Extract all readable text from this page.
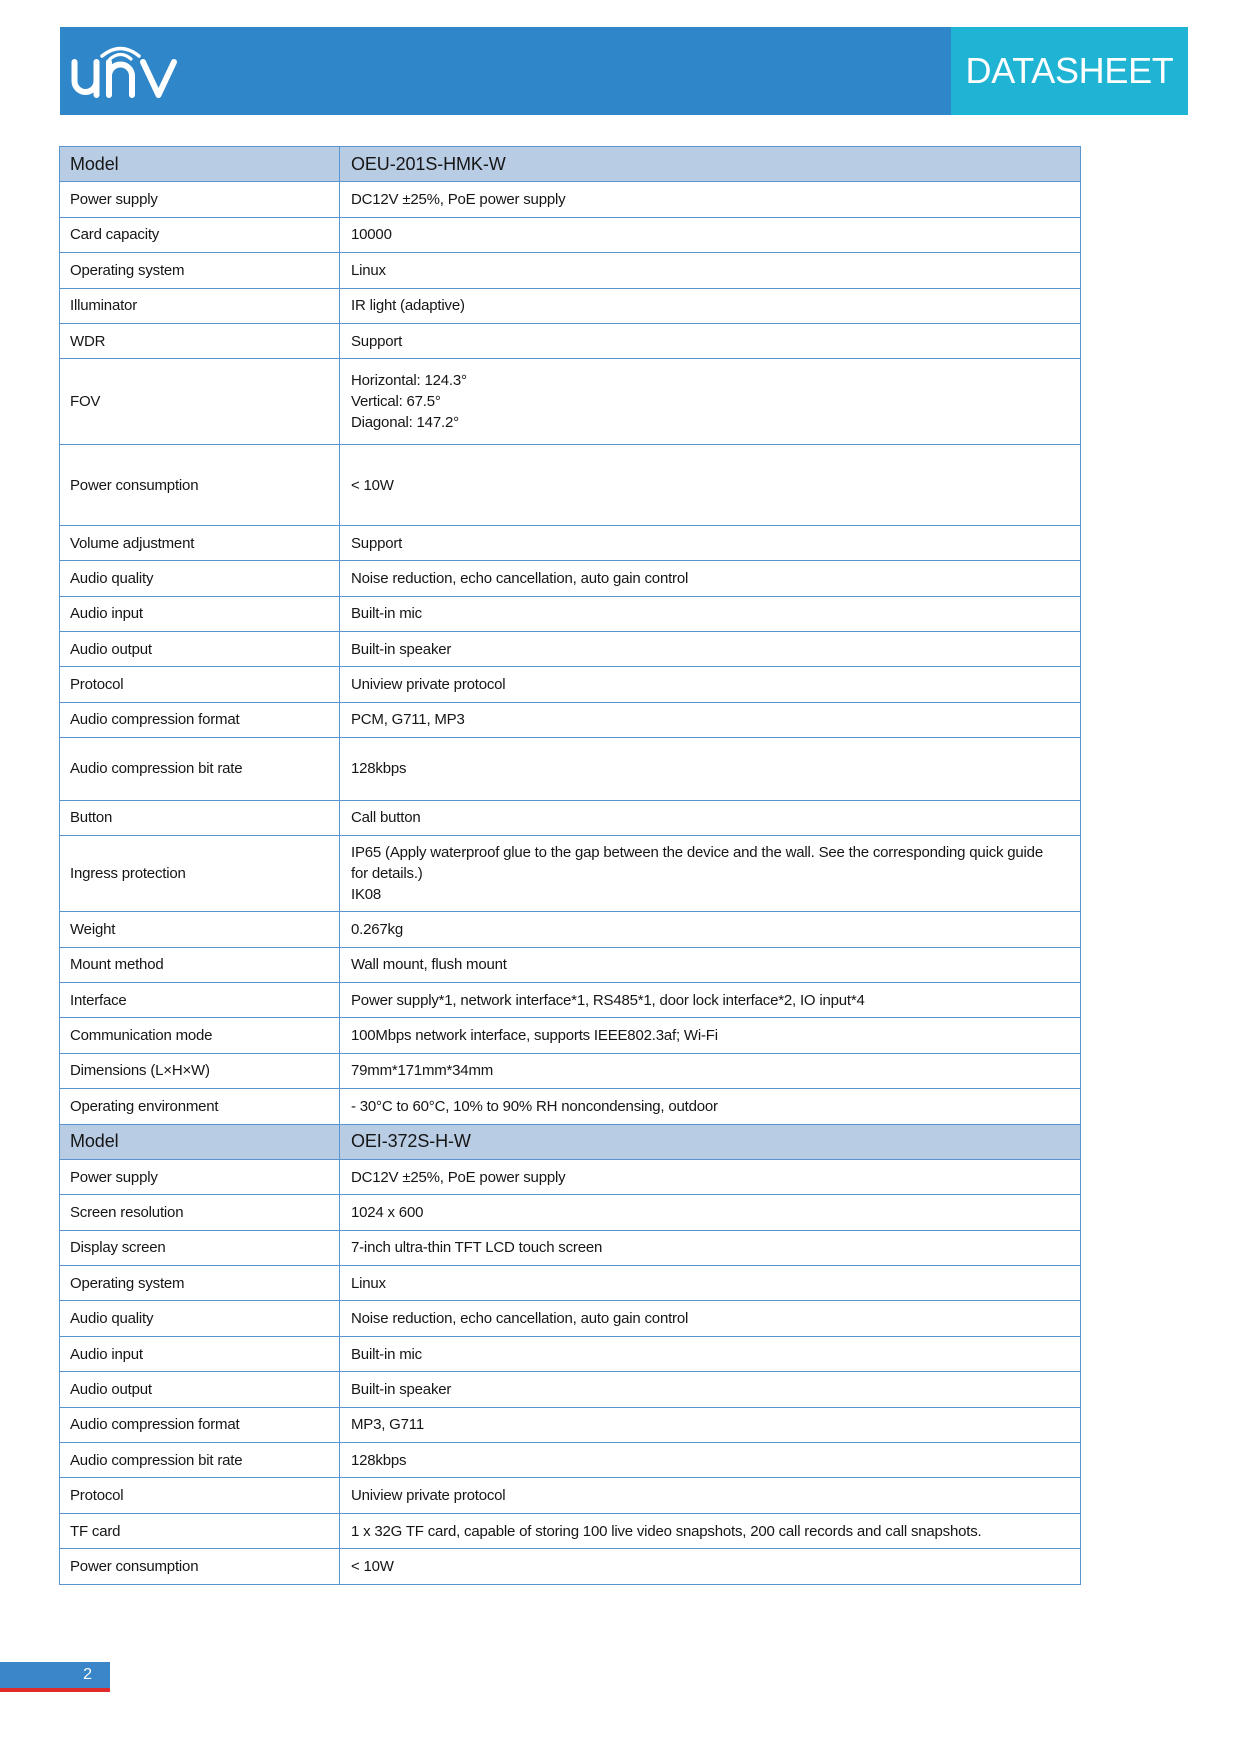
DATASHEET
Model	OEU-201S-HMK-W
Power supply	DC12V ±25%, PoE power supply
Card capacity	10000
Operating system	Linux
Illuminator	IR light (adaptive)
WDR	Support
FOV	Horizontal: 124.3°
Vertical: 67.5°
Diagonal: 147.2°
Power consumption	< 10W
Volume adjustment	Support
Audio quality	Noise reduction, echo cancellation, auto gain control
Audio input	Built-in mic
Audio output	Built-in speaker
Protocol	Uniview private protocol
Audio compression format	PCM, G711, MP3
Audio compression bit rate	128kbps
Button	Call button
Ingress protection	IP65 (Apply waterproof glue to the gap between the device and the wall. See the corresponding quick guide for details.)
IK08
Weight	0.267kg
Mount method	Wall mount, flush mount
Interface	Power supply*1, network interface*1, RS485*1, door lock interface*2, IO input*4
Communication mode	100Mbps network interface, supports IEEE802.3af; Wi-Fi
Dimensions (L×H×W)	79mm*171mm*34mm
Operating environment	- 30°C to 60°C, 10% to 90% RH noncondensing, outdoor
Model	OEI-372S-H-W
Power supply	DC12V ±25%, PoE power supply
Screen resolution	1024 x 600
Display screen	7-inch ultra-thin TFT LCD touch screen
Operating system	Linux
Audio quality	Noise reduction, echo cancellation, auto gain control
Audio input	Built-in mic
Audio output	Built-in speaker
Audio compression format	MP3, G711
Audio compression bit rate	128kbps
Protocol	Uniview private protocol
TF card	1 x 32G TF card, capable of storing 100 live video snapshots, 200 call records and call snapshots.
Power consumption	< 10W
2
